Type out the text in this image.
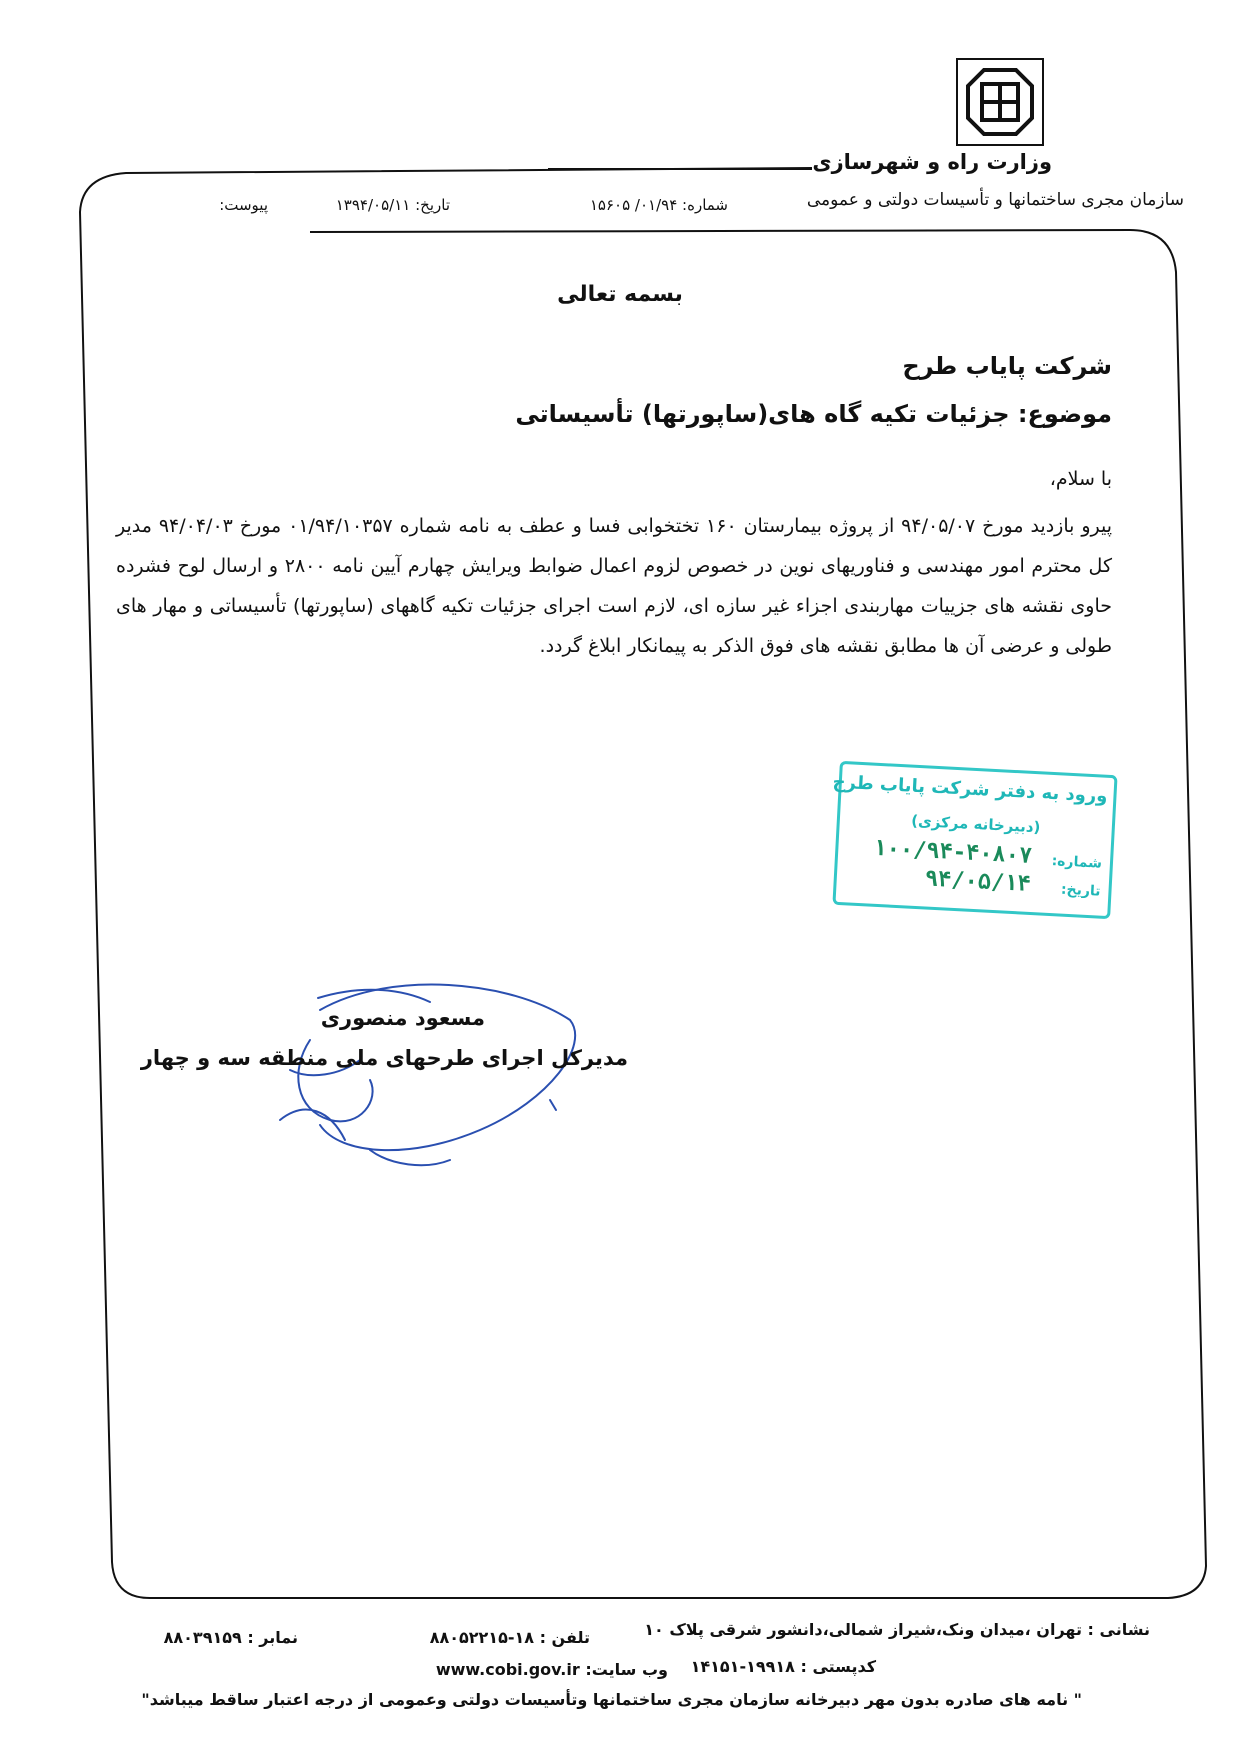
وزارت راه و شهرسازی
سازمان مجری ساختمانها و تأسیسات دولتی و عمومی
شماره: ۰۱/۹۴/ ۱۵۶۰۵
تاریخ: ۱۳۹۴/۰۵/۱۱
پیوست:
بسمه تعالی
شرکت پایاب طرح
موضوع: جزئیات تکیه گاه های(ساپورتها) تأسیساتی
با سلام،
پیرو بازدید مورخ ۹۴/۰۵/۰۷ از پروژه بیمارستان ۱۶۰ تختخوابی فسا و عطف به نامه شماره ۰۱/۹۴/۱۰۳۵۷ مورخ ۹۴/۰۴/۰۳ مدیر کل محترم امور مهندسی و فناوریهای نوین در خصوص لزوم اعمال ضوابط ویرایش چهارم آیین نامه ۲۸۰۰ و ارسال لوح فشرده حاوی نقشه های جزییات مهاربندی اجزاء غیر سازه ای، لازم است اجرای جزئیات تکیه گاههای (ساپورتها) تأسیساتی و مهار های طولی و عرضی آن ها مطابق نقشه های فوق الذکر به پیمانکار ابلاغ گردد.
ورود به دفتر شرکت پایاب طرح
(دبیرخانه مرکزی)
شماره:
۱۰۰/۹۴-۴۰۸۰۷
تاریخ:
۹۴/۰۵/۱۴
مسعود منصوری
مدیرکل اجرای طرحهای ملی منطقه سه و چهار
نشانی : تهران ،میدان ونک،شیراز شمالی،دانشور شرقی پلاک ۱۰
تلفن : ۱۸-۸۸۰۵۲۲۱۵
نمابر : ۸۸۰۳۹۱۵۹
کدپستی : ۱۹۹۱۸-۱۴۱۵۱
وب سایت: www.cobi.gov.ir
" نامه های صادره بدون مهر دبیرخانه سازمان مجری ساختمانها وتأسیسات دولتی وعمومی از درجه اعتبار ساقط میباشد"
